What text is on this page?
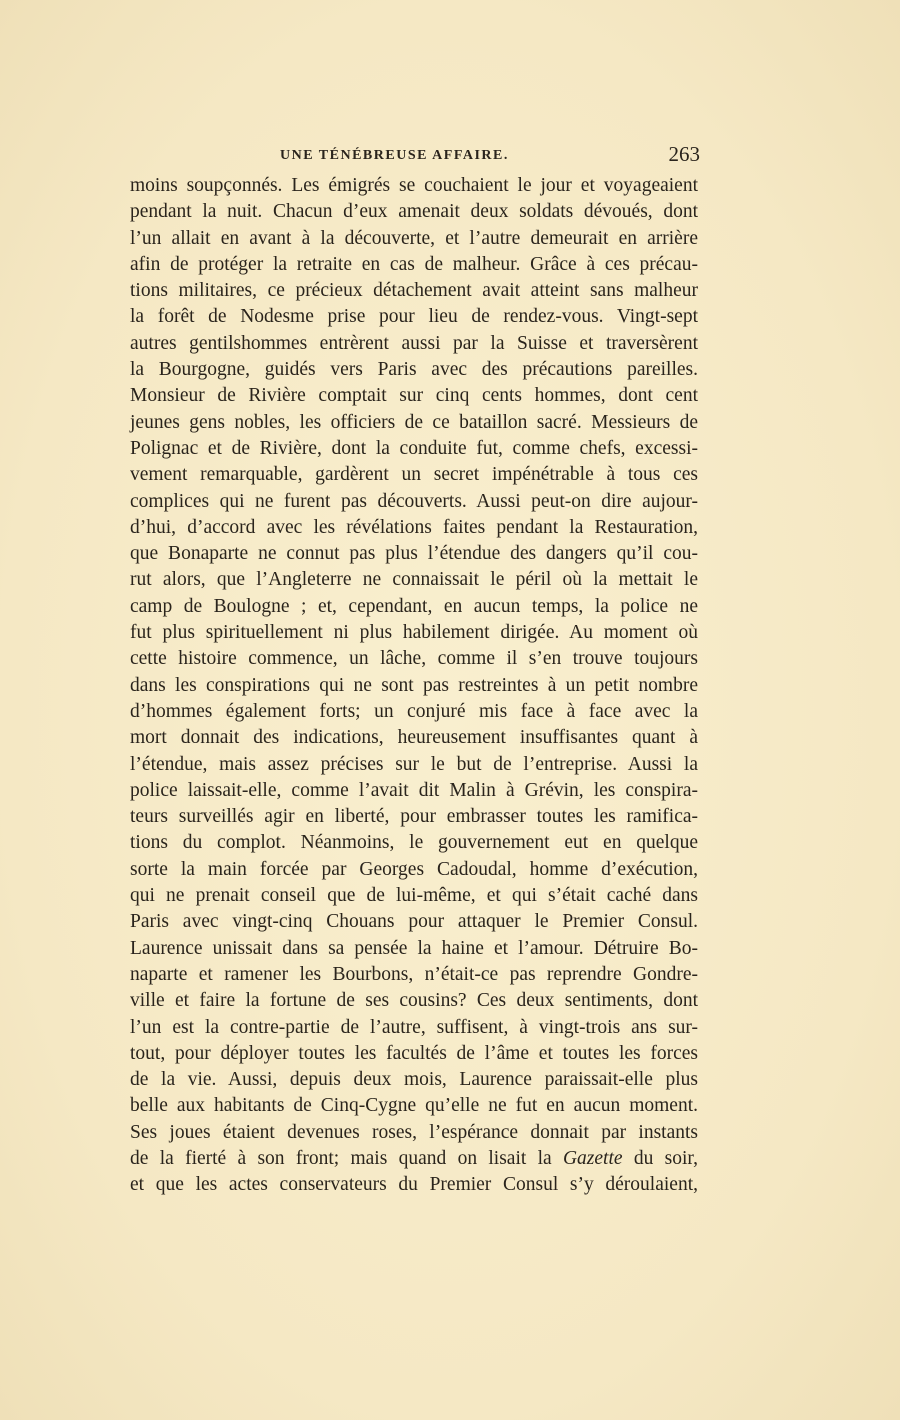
UNE TÉNÉBREUSE AFFAIRE.	263
moins soupçonnés. Les émigrés se couchaient le jour et voyageaient
pendant la nuit. Chacun d’eux amenait deux soldats dévoués, dont
l’un allait en avant à la découverte, et l’autre demeurait en arrière
afin de protéger la retraite en cas de malheur. Grâce à ces précau-
tions militaires, ce précieux détachement avait atteint sans malheur
la forêt de Nodesme prise pour lieu de rendez-vous. Vingt-sept
autres gentilshommes entrèrent aussi par la Suisse et traversèrent
la Bourgogne, guidés vers Paris avec des précautions pareilles.
Monsieur de Rivière comptait sur cinq cents hommes, dont cent
jeunes gens nobles, les officiers de ce bataillon sacré. Messieurs de
Polignac et de Rivière, dont la conduite fut, comme chefs, excessi-
vement remarquable, gardèrent un secret impénétrable à tous ces
complices qui ne furent pas découverts. Aussi peut-on dire aujour-
d’hui, d’accord avec les révélations faites pendant la Restauration,
que Bonaparte ne connut pas plus l’étendue des dangers qu’il cou-
rut alors, que l’Angleterre ne connaissait le péril où la mettait le
camp de Boulogne ; et, cependant, en aucun temps, la police ne
fut plus spirituellement ni plus habilement dirigée. Au moment où
cette histoire commence, un lâche, comme il s’en trouve toujours
dans les conspirations qui ne sont pas restreintes à un petit nombre
d’hommes également forts; un conjuré mis face à face avec la
mort donnait des indications, heureusement insuffisantes quant à
l’étendue, mais assez précises sur le but de l’entreprise. Aussi la
police laissait-elle, comme l’avait dit Malin à Grévin, les conspira-
teurs surveillés agir en liberté, pour embrasser toutes les ramifica-
tions du complot. Néanmoins, le gouvernement eut en quelque
sorte la main forcée par Georges Cadoudal, homme d’exécution,
qui ne prenait conseil que de lui-même, et qui s’était caché dans
Paris avec vingt-cinq Chouans pour attaquer le Premier Consul.
Laurence unissait dans sa pensée la haine et l’amour. Détruire Bo-
naparte et ramener les Bourbons, n’était-ce pas reprendre Gondre-
ville et faire la fortune de ses cousins? Ces deux sentiments, dont
l’un est la contre-partie de l’autre, suffisent, à vingt-trois ans sur-
tout, pour déployer toutes les facultés de l’âme et toutes les forces
de la vie. Aussi, depuis deux mois, Laurence paraissait-elle plus
belle aux habitants de Cinq-Cygne qu’elle ne fut en aucun moment.
Ses joues étaient devenues roses, l’espérance donnait par instants
de la fierté à son front; mais quand on lisait la Gazette du soir,
et que les actes conservateurs du Premier Consul s’y déroulaient,
